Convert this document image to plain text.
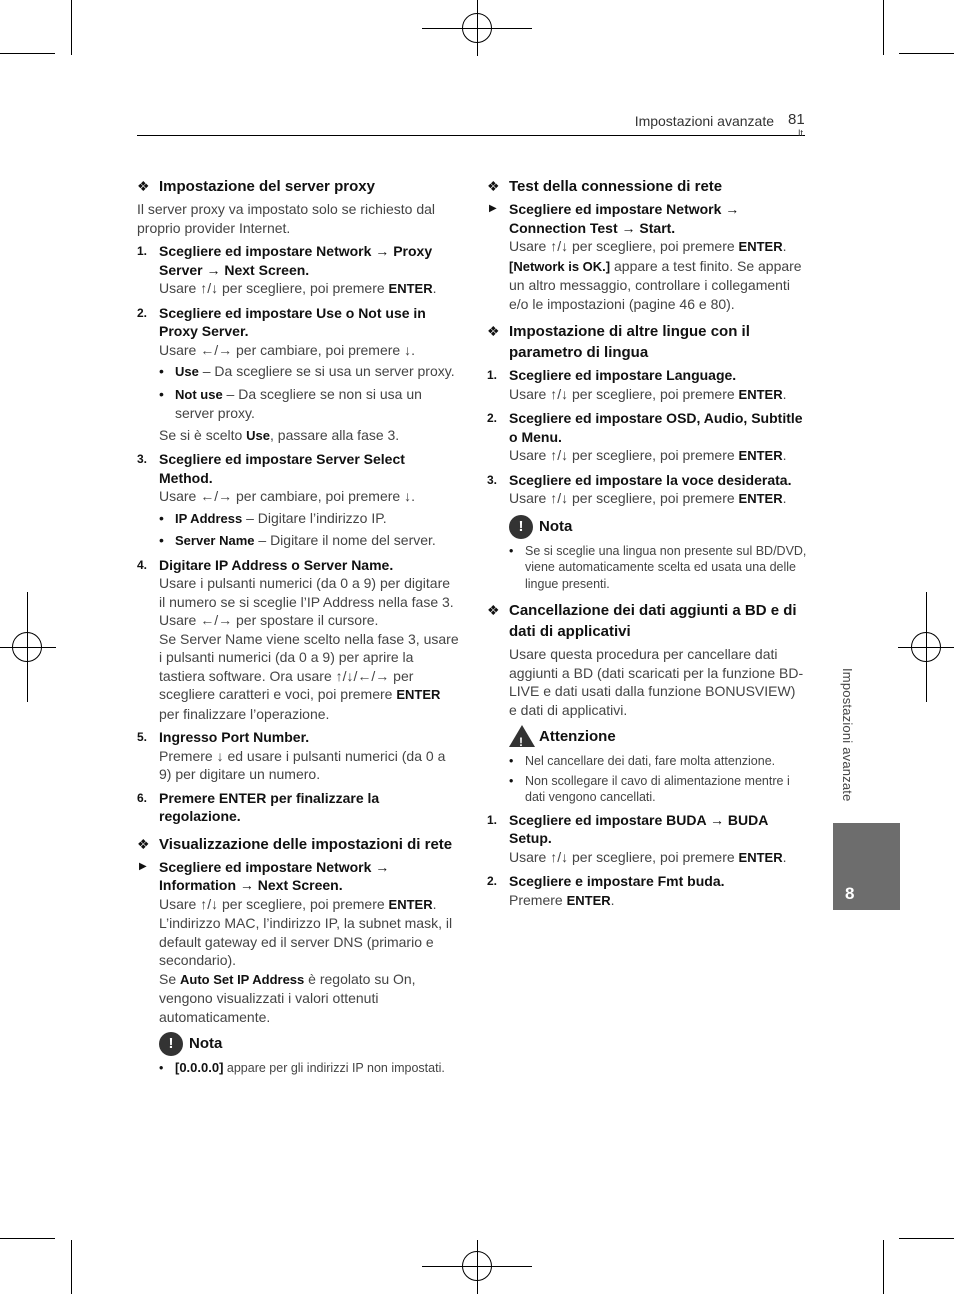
Impostazioni avanzate 81
It
Impostazioni avanzate
8
❖ Impostazione del server proxy
Il server proxy va impostato solo se richiesto dal proprio provider Internet.
1. Scegliere ed impostare Network → Proxy Server → Next Screen.
Usare ↑/↓ per scegliere, poi premere ENTER.
2. Scegliere ed impostare Use o Not use in Proxy Server.
Usare ←/→ per cambiare, poi premere ↓.
• Use – Da scegliere se si usa un server proxy.
• Not use – Da scegliere se non si usa un server proxy.
Se si è scelto Use, passare alla fase 3.
3. Scegliere ed impostare Server Select Method.
Usare ←/→ per cambiare, poi premere ↓.
• IP Address – Digitare l’indirizzo IP.
• Server Name – Digitare il nome del server.
4. Digitare IP Address o Server Name.
Usare i pulsanti numerici (da 0 a 9) per digitare il numero se si sceglie l’IP Address nella fase 3. Usare ←/→ per spostare il cursore.
Se Server Name viene scelto nella fase 3, usare i pulsanti numerici (da 0 a 9) per aprire la tastiera software. Ora usare ↑/↓/←/→ per scegliere caratteri e voci, poi premere ENTER per finalizzare l’operazione.
5. Ingresso Port Number.
Premere ↓ ed usare i pulsanti numerici (da 0 a 9) per digitare un numero.
6. Premere ENTER per finalizzare la regolazione.
❖ Visualizzazione delle impostazioni di rete
▶ Scegliere ed impostare Network → Information → Next Screen.
Usare ↑/↓ per scegliere, poi premere ENTER.
L’indirizzo MAC, l’indirizzo IP, la subnet mask, il default gateway ed il server DNS (primario e secondario).
Se Auto Set IP Address è regolato su On, vengono visualizzati i valori ottenuti automaticamente.
!	Nota
• [0.0.0.0] appare per gli indirizzi IP non impostati.
❖ Test della connessione di rete
▶ Scegliere ed impostare Network → Connection Test → Start.
Usare ↑/↓ per scegliere, poi premere ENTER.
[Network is OK.] appare a test finito. Se appare un altro messaggio, controllare i collegamenti e/o le impostazioni (pagine 46 e 80).
❖ Impostazione di altre lingue con il parametro di lingua
1. Scegliere ed impostare Language.
Usare ↑/↓ per scegliere, poi premere ENTER.
2. Scegliere ed impostare OSD, Audio, Subtitle o Menu.
Usare ↑/↓ per scegliere, poi premere ENTER.
3. Scegliere ed impostare la voce desiderata.
Usare ↑/↓ per scegliere, poi premere ENTER.
!	Nota
• Se si sceglie una lingua non presente sul BD/DVD, viene automaticamente scelta ed usata una delle lingue presenti.
❖ Cancellazione dei dati aggiunti a BD e di dati di applicativi
Usare questa procedura per cancellare dati aggiunti a BD (dati scaricati per la funzione BD-LIVE e dati usati dalla funzione BONUSVIEW) e dati di applicativi.
! Attenzione
• Nel cancellare dei dati, fare molta attenzione.
• Non scollegare il cavo di alimentazione mentre i dati vengono cancellati.
1. Scegliere ed impostare BUDA → BUDA Setup.
Usare ↑/↓ per scegliere, poi premere ENTER.
2. Scegliere e impostare Fmt buda.
Premere ENTER.
